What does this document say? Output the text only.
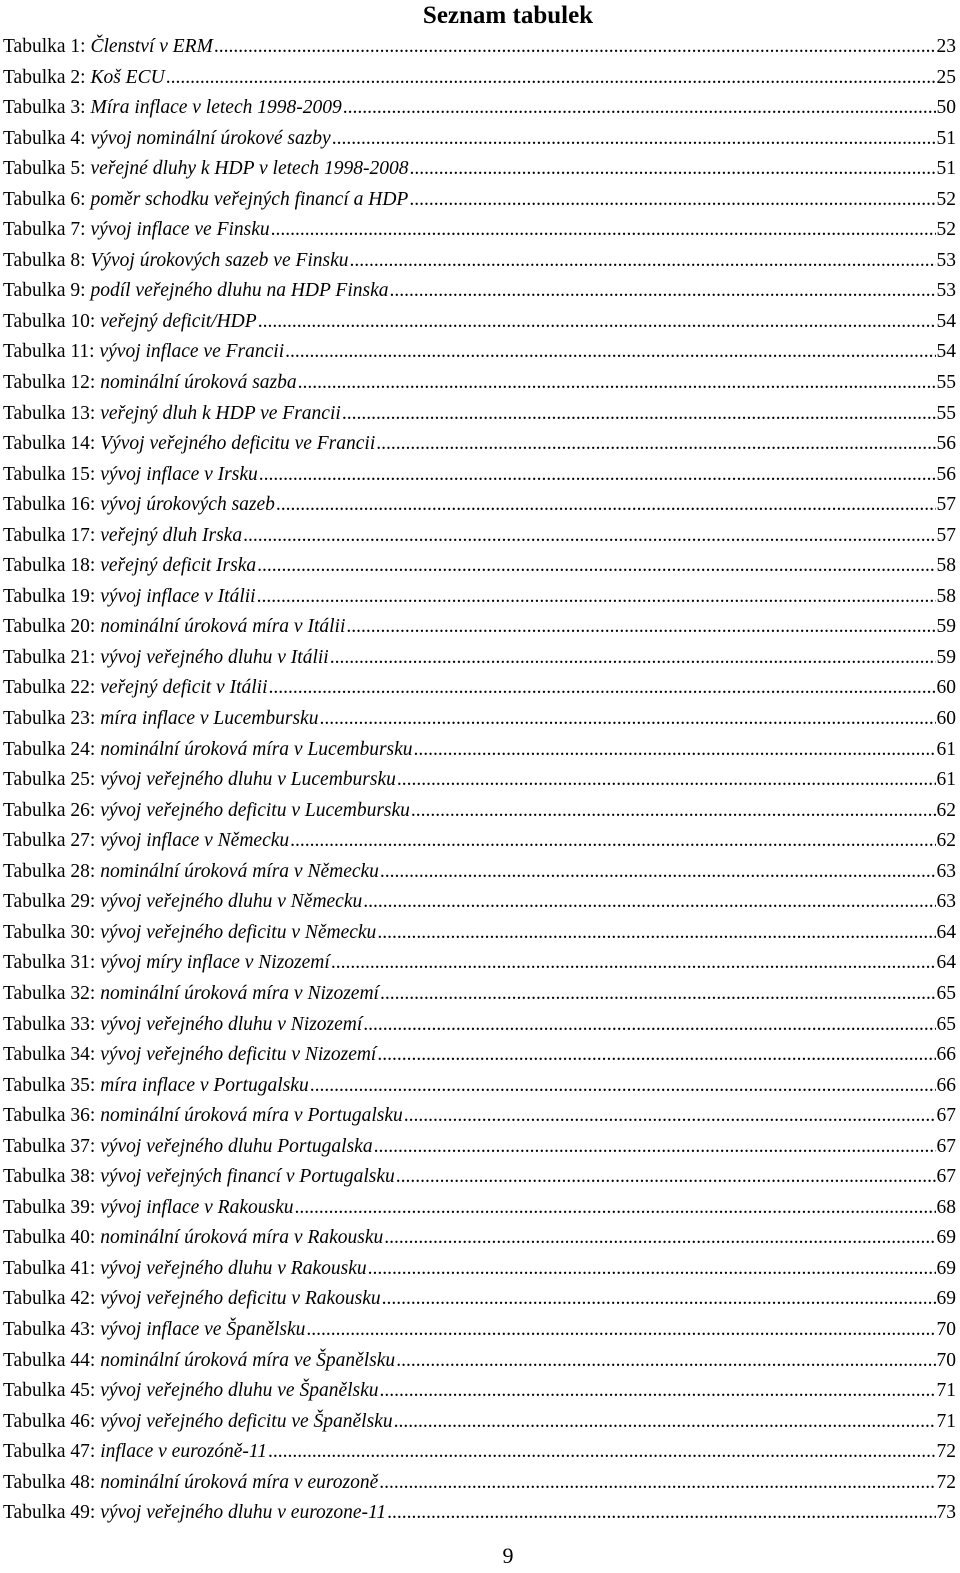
Seznam tabulek
Tabulka 1: Členství v ERM .....	23
Tabulka 2: Koš ECU .....	25
Tabulka 3: Míra inflace v letech 1998-2009 .....	50
Tabulka 4: vývoj nominální úrokové sazby .....	51
Tabulka 5: veřejné dluhy k HDP v letech 1998-2008 .....	51
Tabulka 6: poměr schodku veřejných financí a HDP .....	52
Tabulka 7: vývoj inflace ve Finsku .....	52
Tabulka 8: Vývoj úrokových sazeb ve Finsku .....	53
Tabulka 9: podíl veřejného dluhu na HDP Finska .....	53
Tabulka 10: veřejný deficit/HDP .....	54
Tabulka 11: vývoj inflace ve Francii .....	54
Tabulka 12: nominální úroková sazba .....	55
Tabulka 13: veřejný dluh k HDP ve Francii .....	55
Tabulka 14: Vývoj veřejného deficitu ve Francii .....	56
Tabulka 15: vývoj inflace v Irsku .....	56
Tabulka 16: vývoj úrokových sazeb .....	57
Tabulka 17: veřejný dluh Irska .....	57
Tabulka 18: veřejný deficit Irska .....	58
Tabulka 19: vývoj inflace v Itálii .....	58
Tabulka 20: nominální úroková míra v Itálii .....	59
Tabulka 21: vývoj veřejného dluhu v Itálii .....	59
Tabulka 22: veřejný deficit v Itálii .....	60
Tabulka 23: míra inflace v Lucembursku .....	60
Tabulka 24: nominální úroková míra v Lucembursku .....	61
Tabulka 25: vývoj veřejného dluhu v Lucembursku .....	61
Tabulka 26: vývoj veřejného deficitu v Lucembursku .....	62
Tabulka 27: vývoj inflace v Německu .....	62
Tabulka 28: nominální úroková míra v Německu .....	63
Tabulka 29: vývoj veřejného dluhu v Německu .....	63
Tabulka 30: vývoj veřejného deficitu v Německu .....	64
Tabulka 31: vývoj míry inflace v Nizozemí .....	64
Tabulka 32: nominální úroková míra v Nizozemí .....	65
Tabulka 33: vývoj veřejného dluhu v Nizozemí .....	65
Tabulka 34: vývoj veřejného deficitu v Nizozemí .....	66
Tabulka 35: míra inflace v Portugalsku .....	66
Tabulka 36: nominální úroková míra v Portugalsku .....	67
Tabulka 37: vývoj veřejného dluhu Portugalska .....	67
Tabulka 38: vývoj veřejných financí v Portugalsku .....	67
Tabulka 39: vývoj inflace v Rakousku .....	68
Tabulka 40: nominální úroková míra v Rakousku .....	69
Tabulka 41: vývoj veřejného dluhu v Rakousku .....	69
Tabulka 42: vývoj veřejného deficitu v Rakousku .....	69
Tabulka 43: vývoj inflace ve Španělsku .....	70
Tabulka 44: nominální úroková míra ve Španělsku .....	70
Tabulka 45: vývoj veřejného dluhu ve Španělsku .....	71
Tabulka 46: vývoj veřejného deficitu ve Španělsku .....	71
Tabulka 47: inflace v eurozóně-11 .....	72
Tabulka 48: nominální úroková míra v eurozoně .....	72
Tabulka 49: vývoj veřejného dluhu v eurozone-11 .....	73
9
